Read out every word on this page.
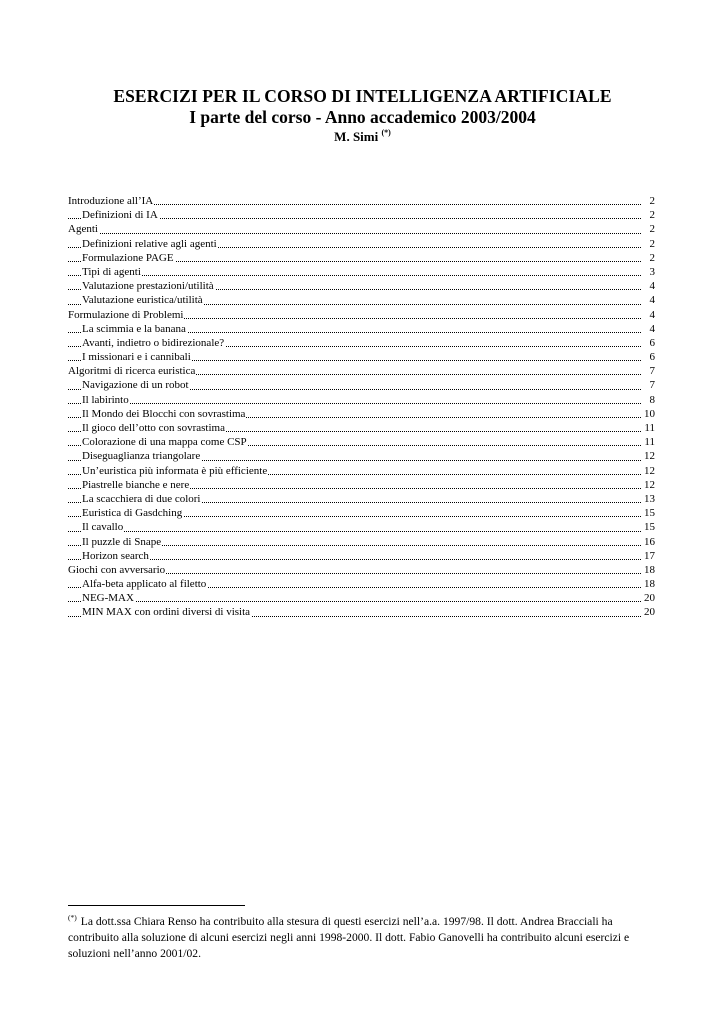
ESERCIZI PER IL CORSO DI INTELLIGENZA ARTIFICIALE
I parte del corso - Anno accademico 2003/2004
M. Simi (*)
Introduzione all’IA	2
Definizioni di IA	2
Agenti	2
Definizioni relative agli agenti	2
Formulazione PAGE	2
Tipi di agenti	3
Valutazione prestazioni/utilità	4
Valutazione euristica/utilità	4
Formulazione di Problemi	4
La scimmia e la banana	4
Avanti, indietro o bidirezionale?	6
I missionari e i cannibali	6
Algoritmi di ricerca euristica	7
Navigazione di un robot	7
Il labirinto	8
Il Mondo dei Blocchi con sovrastima	10
Il gioco dell’otto con sovrastima	11
Colorazione di una mappa come CSP	11
Diseguaglianza triangolare	12
Un’euristica più informata è più efficiente	12
Piastrelle bianche e nere	12
La scacchiera di due colori	13
Euristica di Gasdching	15
Il cavallo	15
Il puzzle di Snape	16
Horizon search	17
Giochi con avversario	18
Alfa-beta applicato al filetto	18
NEG-MAX	20
MIN MAX con ordini diversi di visita	20
(*) La dott.ssa Chiara Renso ha contribuito alla stesura di questi esercizi nell’a.a. 1997/98. Il dott. Andrea Bracciali ha contribuito alla soluzione di alcuni esercizi negli anni 1998-2000. Il dott. Fabio Ganovelli ha contribuito alcuni esercizi e soluzioni nell’anno 2001/02.
